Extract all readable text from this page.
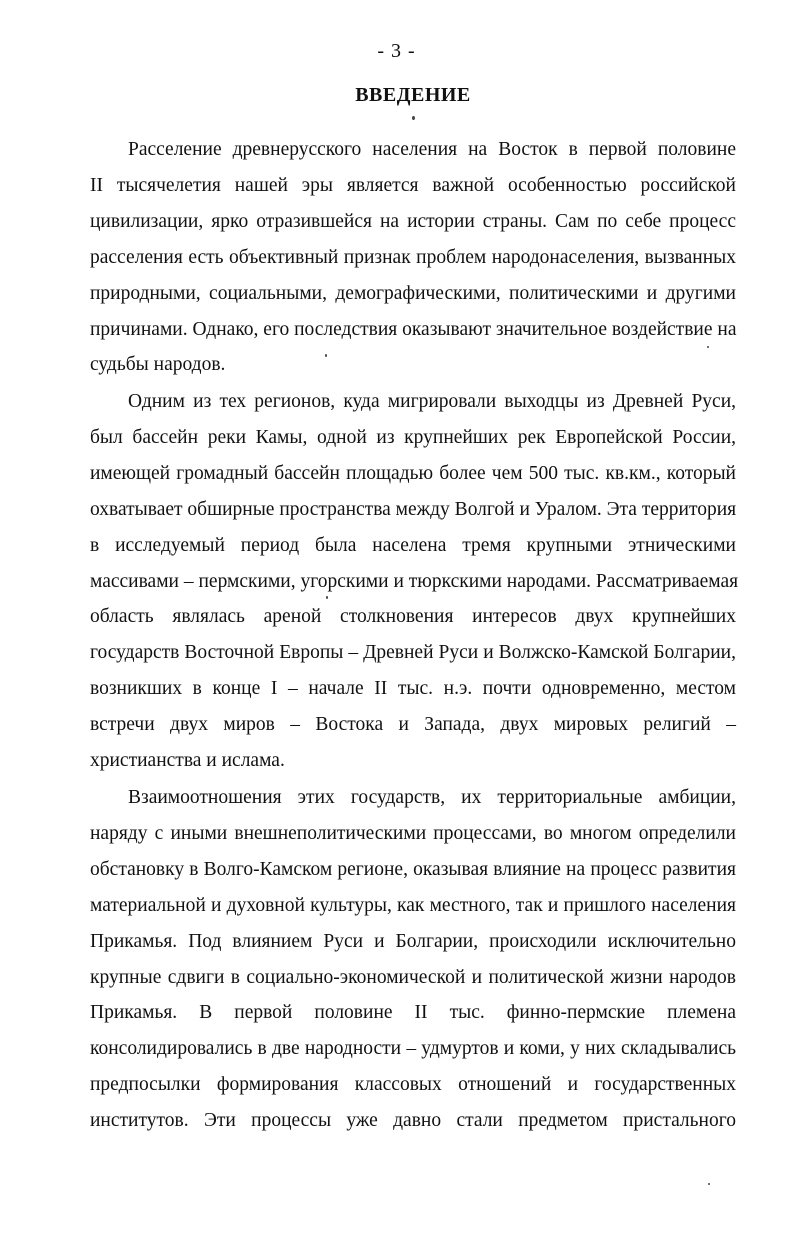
- 3 -
ВВЕДЕНИЕ
Расселение древнерусского населения на Восток в первой половине
II тысячелетия нашей эры является важной особенностью российской
цивилизации, ярко отразившейся на истории страны. Сам по себе процесс
расселения есть объективный признак проблем народонаселения, вызванных
природными, социальными, демографическими, политическими и другими
причинами. Однако, его последствия оказывают значительное воздействие на
судьбы народов.
Одним из тех регионов, куда мигрировали выходцы из Древней Руси,
был бассейн реки Камы, одной из крупнейших рек Европейской России,
имеющей громадный бассейн площадью более чем 500 тыс. кв.км., который
охватывает обширные пространства между Волгой и Уралом. Эта территория
в исследуемый период была населена тремя крупными этническими
массивами – пермскими, угорскими и тюркскими народами. Рассматриваемая
область являлась ареной столкновения интересов двух крупнейших
государств Восточной Европы – Древней Руси и Волжско-Камской Болгарии,
возникших в конце I – начале II тыс. н.э. почти одновременно, местом
встречи двух миров – Востока и Запада, двух мировых религий –
христианства и ислама.
Взаимоотношения этих государств, их территориальные амбиции,
наряду с иными внешнеполитическими процессами, во многом определили
обстановку в Волго-Камском регионе, оказывая влияние на процесс развития
материальной и духовной культуры, как местного, так и пришлого населения
Прикамья. Под влиянием Руси и Болгарии, происходили исключительно
крупные сдвиги в социально-экономической и политической жизни народов
Прикамья. В первой половине II тыс. финно-пермские племена
консолидировались в две народности – удмуртов и коми, у них складывались
предпосылки формирования классовых отношений и государственных
институтов. Эти процессы уже давно стали предметом пристального
